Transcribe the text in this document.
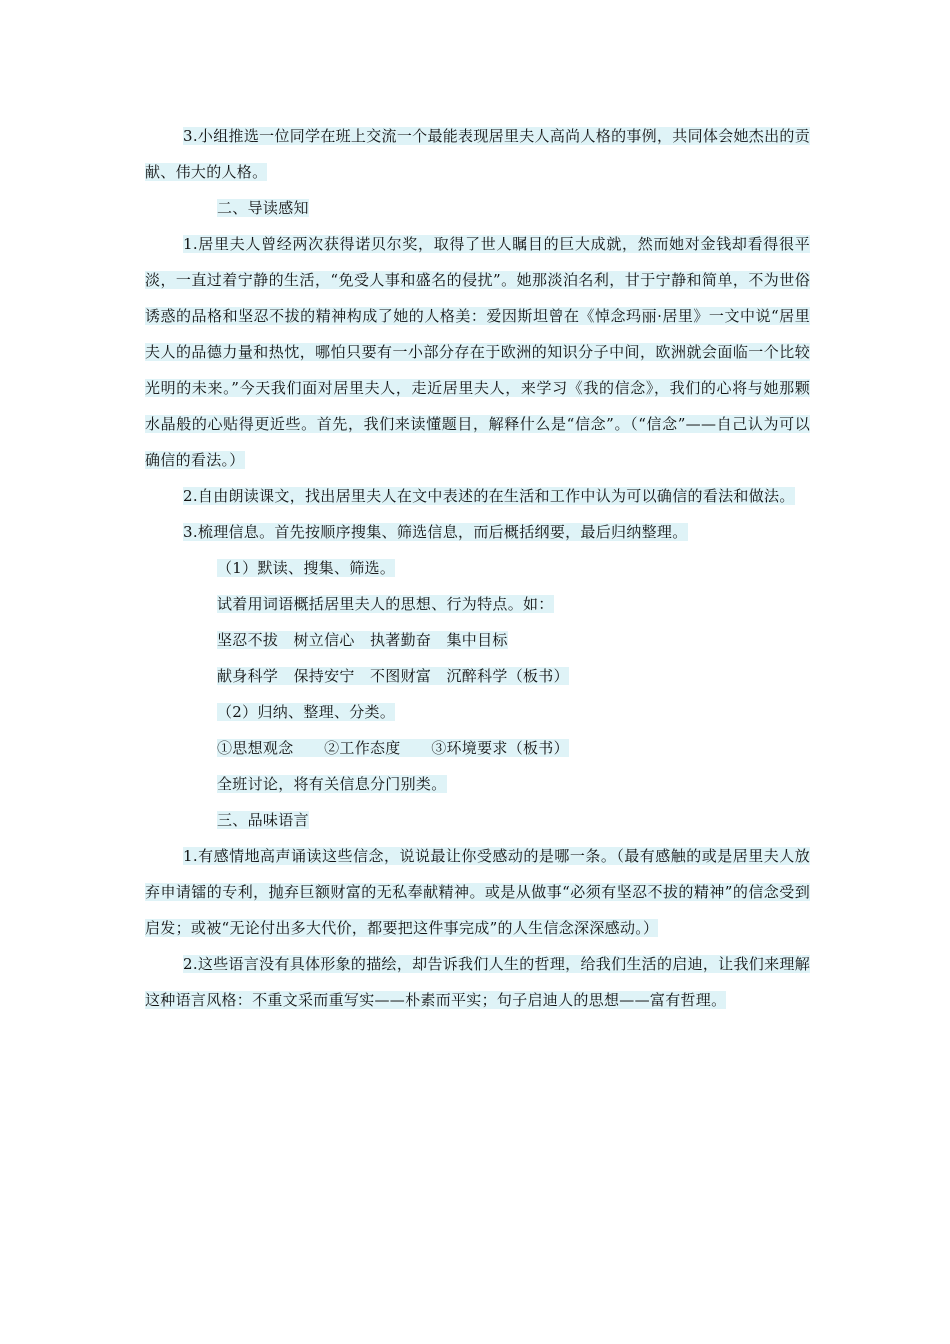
3.小组推选一位同学在班上交流一个最能表现居里夫人高尚人格的事例，共同体会她杰出的贡献、伟大的人格。

二、导读感知

1.居里夫人曾经两次获得诺贝尔奖，取得了世人瞩目的巨大成就，然而她对金钱却看得很平淡，一直过着宁静的生活，“免受人事和盛名的侵扰”。她那淡泊名利，甘于宁静和简单，不为世俗诱惑的品格和坚忍不拔的精神构成了她的人格美：爱因斯坦曾在《悼念玛丽·居里》一文中说“居里夫人的品德力量和热忱，哪怕只要有一小部分存在于欧洲的知识分子中间，欧洲就会面临一个比较光明的未来。”今天我们面对居里夫人，走近居里夫人，来学习《我的信念》，我们的心将与她那颗水晶般的心贴得更近些。首先，我们来读懂题目，解释什么是“信念”。（“信念”——自己认为可以确信的看法。）

2.自由朗读课文，找出居里夫人在文中表述的在生活和工作中认为可以确信的看法和做法。

3.梳理信息。首先按顺序搜集、筛选信息，而后概括纲要，最后归纳整理。

（1）默读、搜集、筛选。

试着用词语概括居里夫人的思想、行为特点。如：

坚忍不拔　树立信心　执著勤奋　集中目标

献身科学　保持安宁　不图财富　沉醉科学（板书）

（2）归纳、整理、分类。

①思想观念　　②工作态度　　③环境要求（板书）

全班讨论，将有关信息分门别类。

三、品味语言

1.有感情地高声诵读这些信念，说说最让你受感动的是哪一条。（最有感触的或是居里夫人放弃申请镭的专利，抛弃巨额财富的无私奉献精神。或是从做事“必须有坚忍不拔的精神”的信念受到启发；或被“无论付出多大代价，都要把这件事完成”的人生信念深深感动。）

2.这些语言没有具体形象的描绘，却告诉我们人生的哲理，给我们生活的启迪，让我们来理解这种语言风格：不重文采而重写实——朴素而平实；句子启迪人的思想——富有哲理。
